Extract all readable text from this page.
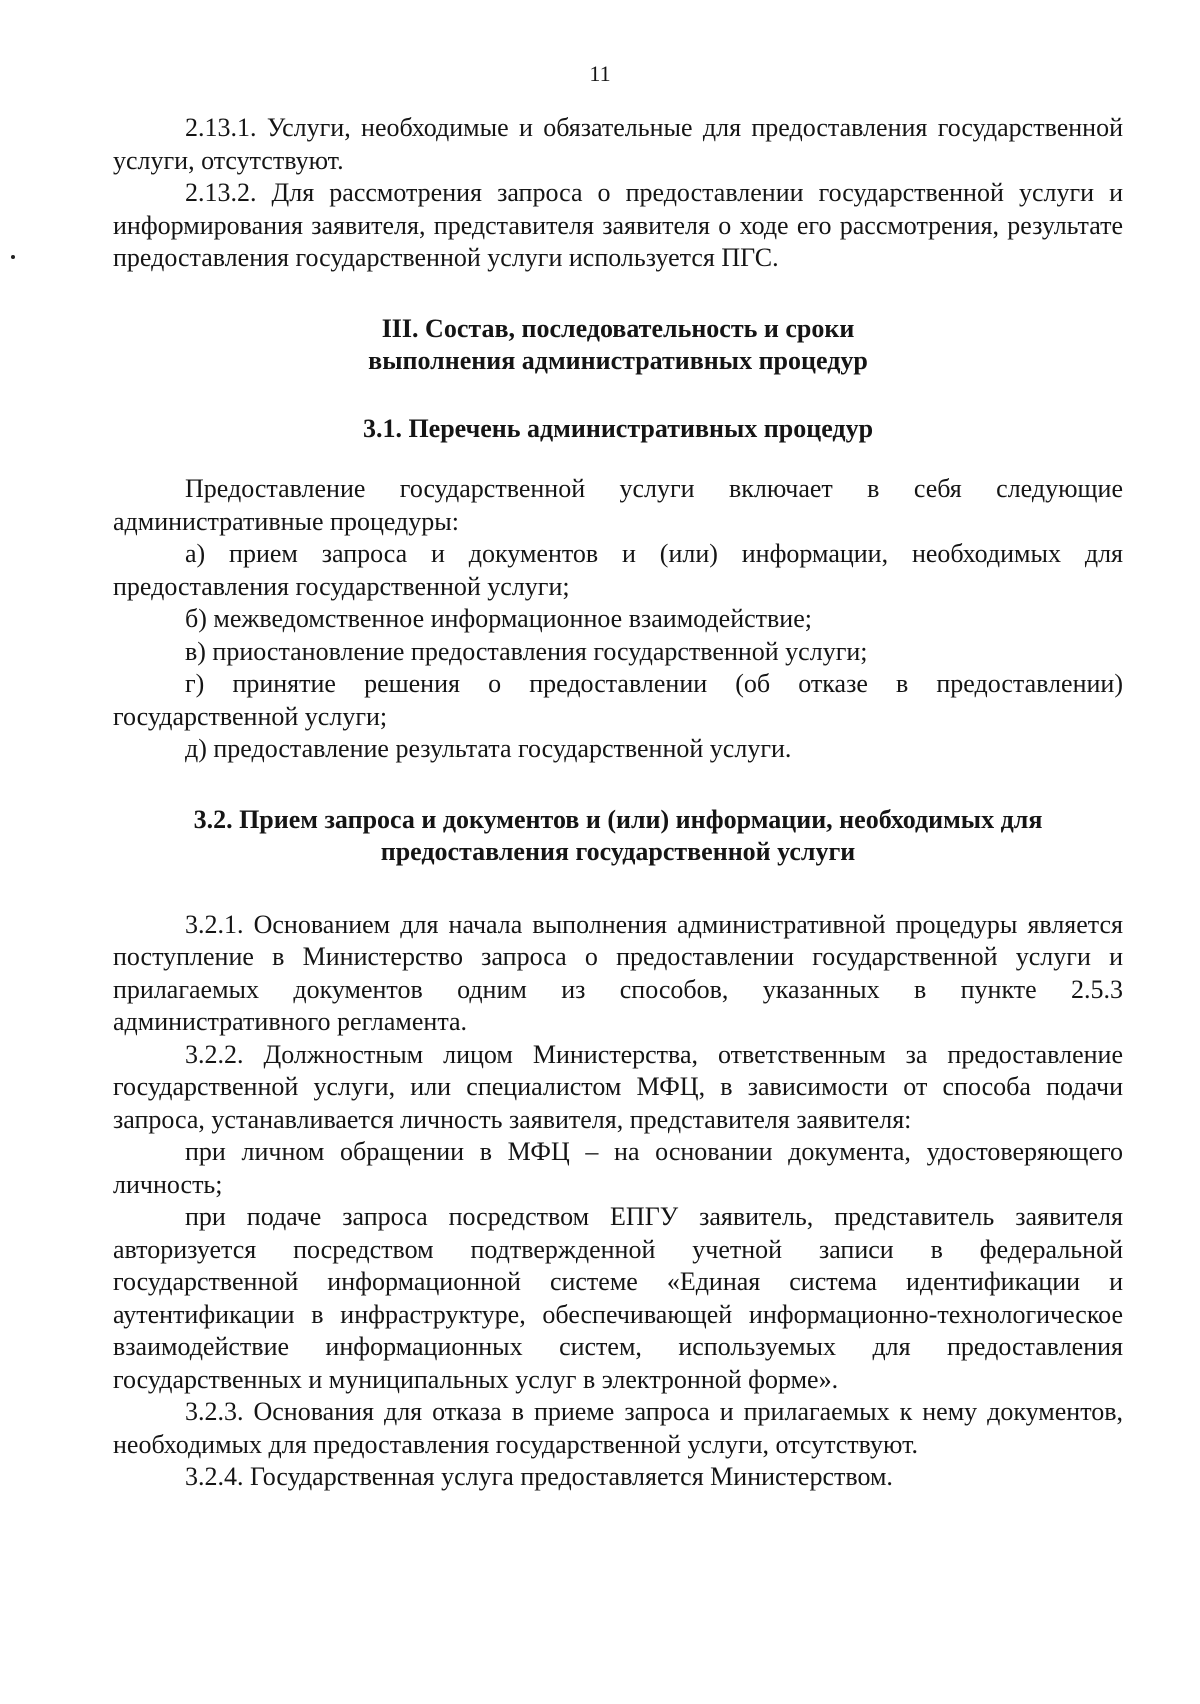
11

2.13.1. Услуги, необходимые и обязательные для предоставления государственной услуги, отсутствуют.

2.13.2. Для рассмотрения запроса о предоставлении государственной услуги и информирования заявителя, представителя заявителя о ходе его рассмотрения, результате предоставления государственной услуги используется ПГС.

III. Состав, последовательность и сроки

выполнения административных процедур

3.1. Перечень административных процедур

Предоставление государственной услуги включает в себя следующие административные процедуры:

а) прием запроса и документов и (или) информации, необходимых для предоставления государственной услуги;

б) межведомственное информационное взаимодействие;

в) приостановление предоставления государственной услуги;

г) принятие решения о предоставлении (об отказе в предоставлении) государственной услуги;

д) предоставление результата государственной услуги.

3.2. Прием запроса и документов и (или) информации, необходимых для

предоставления государственной услуги

3.2.1. Основанием для начала выполнения административной процедуры является поступление в Министерство запроса о предоставлении государственной услуги и прилагаемых документов одним из способов, указанных в пункте 2.5.3 административного регламента.

3.2.2. Должностным лицом Министерства, ответственным за предоставление государственной услуги, или специалистом МФЦ, в зависимости от способа подачи запроса, устанавливается личность заявителя, представителя заявителя:

при личном обращении в МФЦ – на основании документа, удостоверяющего личность;

при подаче запроса посредством ЕПГУ заявитель, представитель заявителя авторизуется посредством подтвержденной учетной записи в федеральной государственной информационной системе «Единая система идентификации и аутентификации в инфраструктуре, обеспечивающей информационно-технологическое взаимодействие информационных систем, используемых для предоставления государственных и муниципальных услуг в электронной форме».

3.2.3. Основания для отказа в приеме запроса и прилагаемых к нему документов, необходимых для предоставления государственной услуги, отсутствуют.

3.2.4. Государственная услуга предоставляется Министерством.
